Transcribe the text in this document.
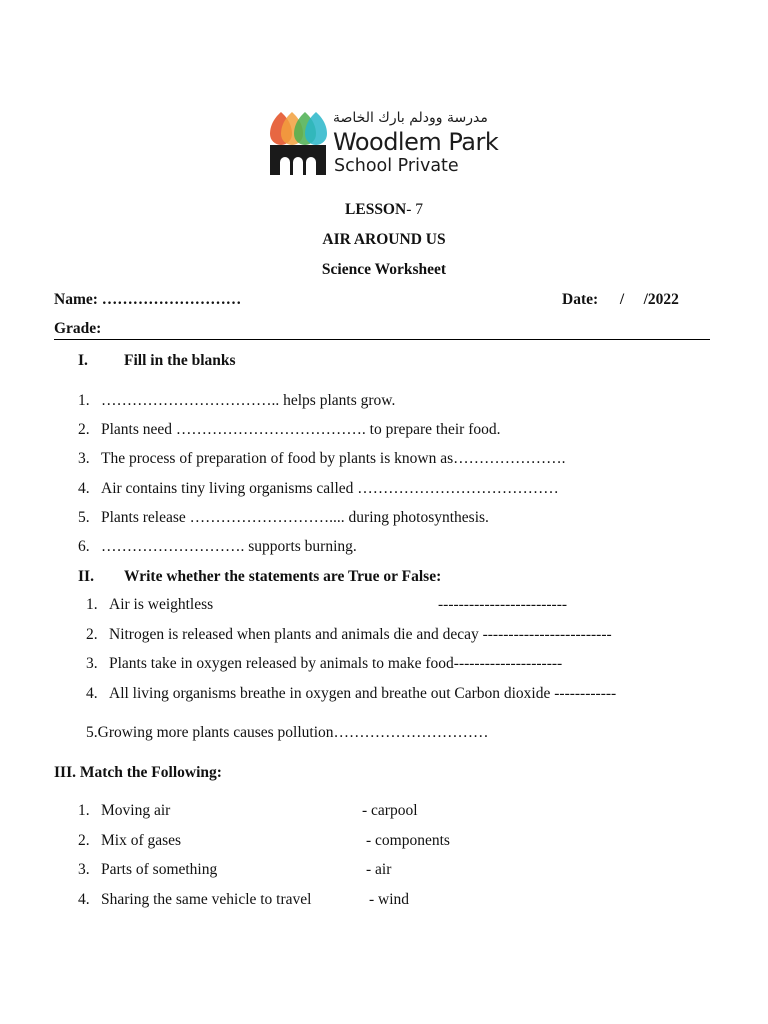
مدرسة وودلم بارك الخاصة
Woodlem Park
School Private
LESSON- 7
AIR AROUND US
Science Worksheet
Name: ………………………	Date: /     /2022
Grade:
I. Fill in the blanks
II. Write whether the statements are True or False:
5.Growing more plants causes pollution…………………………
III. Match the Following:
1. …………………………….. helps plants grow.
2. Plants need ………………………………. to prepare their food.
3. The process of preparation of food by plants is known as………………….
4. Air contains tiny living organisms called …………………………………
5. Plants release ……………………….... during photosynthesis.
6. ………………………. supports burning.
1. Air is weightless	-------------------------
2. Nitrogen is released when plants and animals die and decay -------------------------
3. Plants take in oxygen released by animals to make food---------------------
4. All living organisms breathe in oxygen and breathe out Carbon dioxide ------------
1. Moving air	- carpool
2. Mix of gases	- components
3. Parts of something	- air
4. Sharing the same vehicle to travel	- wind
